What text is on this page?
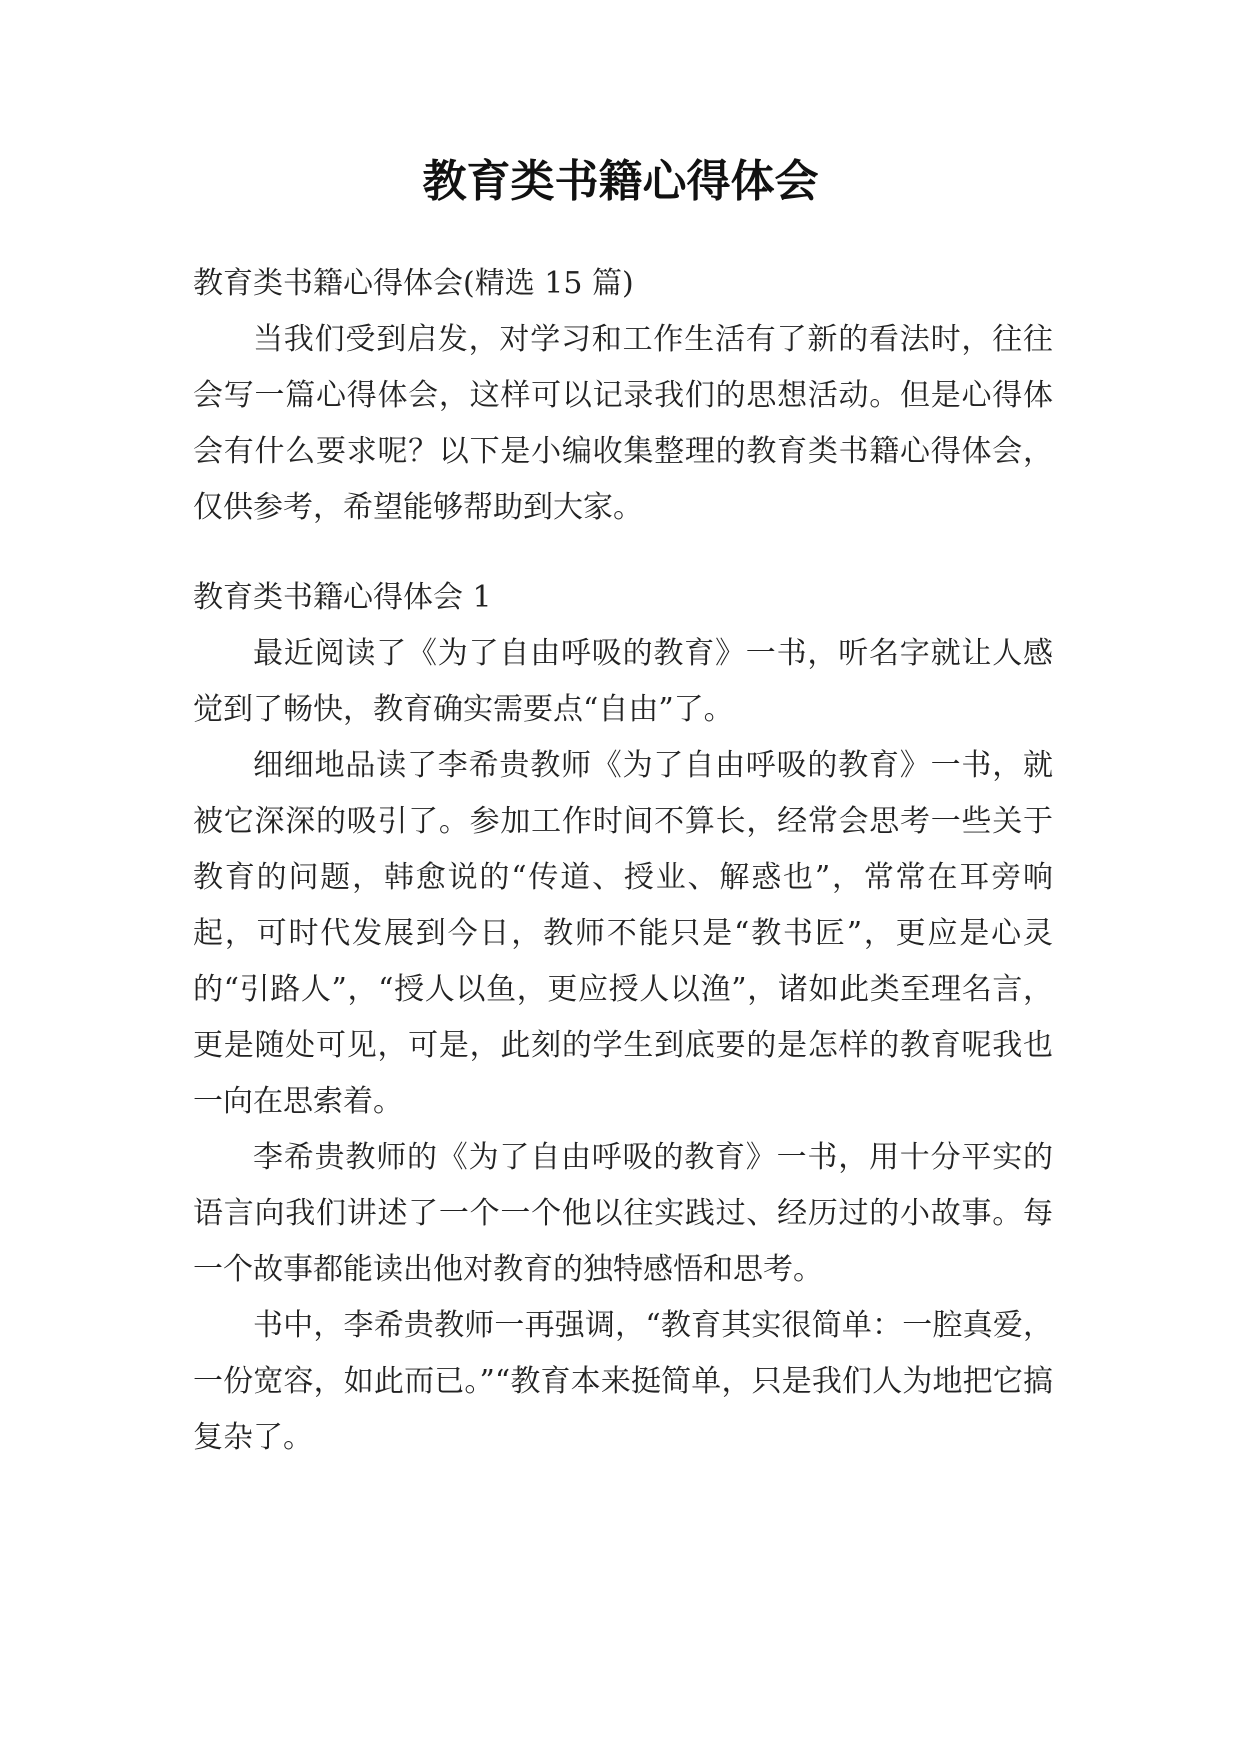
教育类书籍心得体会

教育类书籍心得体会(精选 15 篇)

当我们受到启发，对学习和工作生活有了新的看法时，往往会写一篇心得体会，这样可以记录我们的思想活动。但是心得体会有什么要求呢？以下是小编收集整理的教育类书籍心得体会，仅供参考，希望能够帮助到大家。

教育类书籍心得体会 1

最近阅读了《为了自由呼吸的教育》一书，听名字就让人感觉到了畅快，教育确实需要点“自由”了。

细细地品读了李希贵教师《为了自由呼吸的教育》一书，就被它深深的吸引了。参加工作时间不算长，经常会思考一些关于教育的问题，韩愈说的“传道、授业、解惑也”，常常在耳旁响起，可时代发展到今日，教师不能只是“教书匠”，更应是心灵的“引路人”，“授人以鱼，更应授人以渔”，诸如此类至理名言，更是随处可见，可是，此刻的学生到底要的是怎样的教育呢我也一向在思索着。

李希贵教师的《为了自由呼吸的教育》一书，用十分平实的语言向我们讲述了一个一个他以往实践过、经历过的小故事。每一个故事都能读出他对教育的独特感悟和思考。

书中，李希贵教师一再强调，“教育其实很简单：一腔真爱，一份宽容，如此而已。”“教育本来挺简单，只是我们人为地把它搞复杂了。
